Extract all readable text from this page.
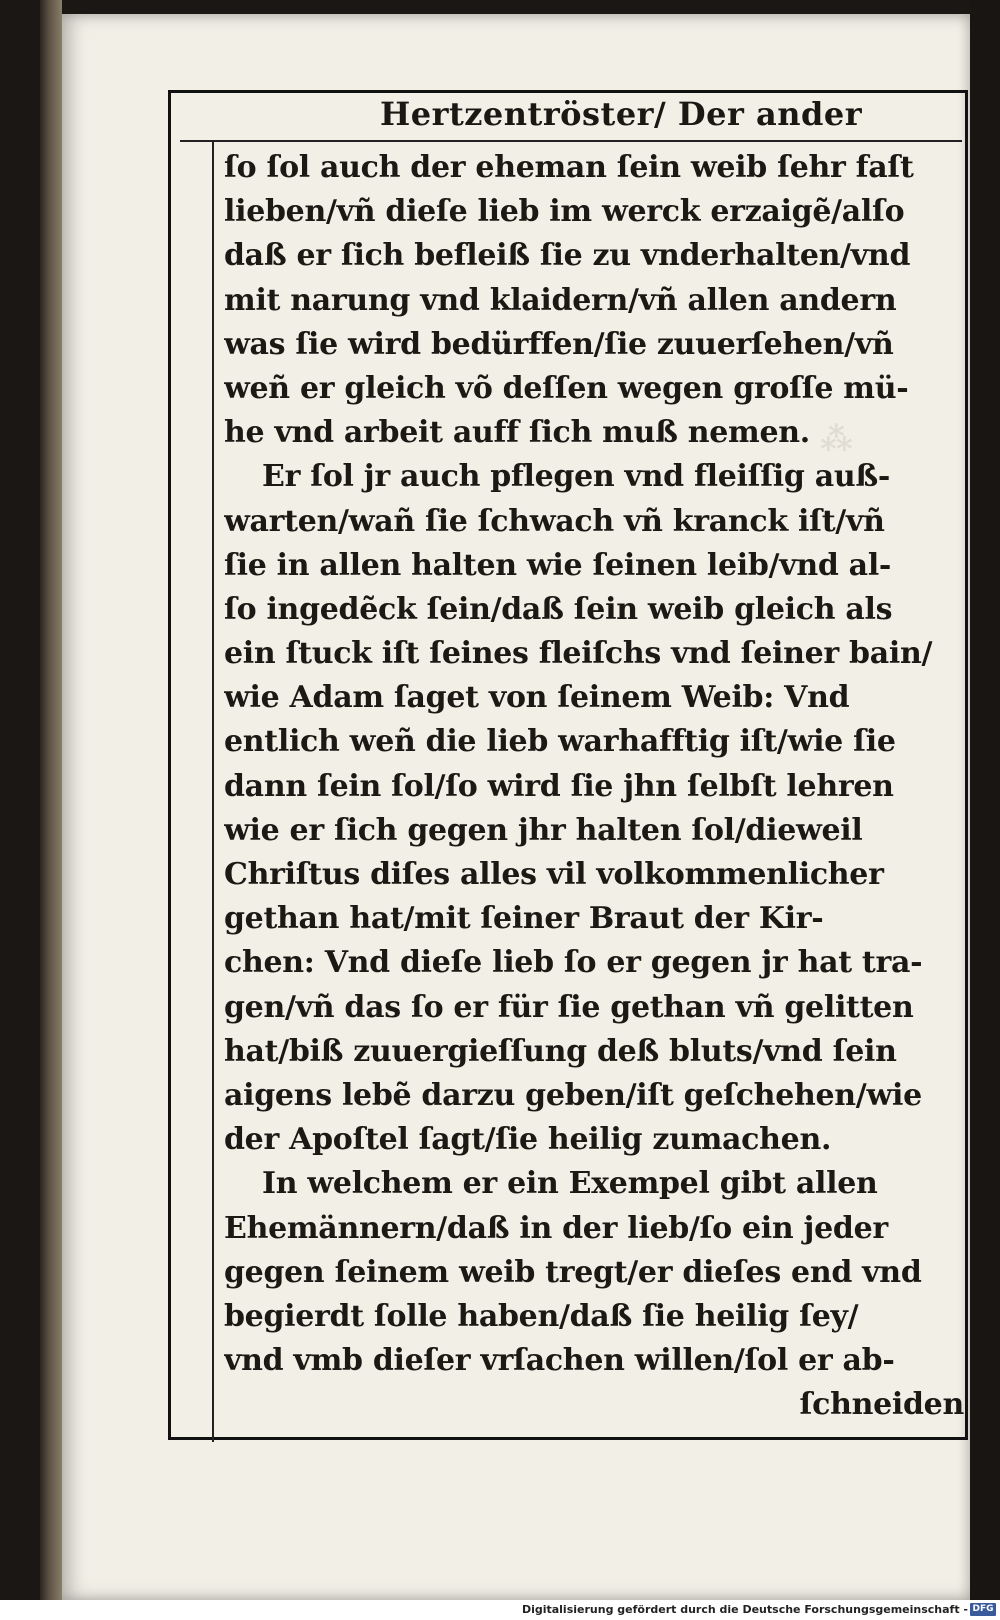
⁂
Hertzentröster/ Der ander
ſo ſol auch der eheman ſein weib ſehr faſt
lieben/vñ dieſe lieb im werck erzaigẽ/alſo
daß er ſich befleiß ſie zu vnderhalten/vnd
mit narung vnd klaidern/vñ allen andern
was ſie wird bedürffen/ſie zuuerſehen/vñ
weñ er gleich võ deſſen wegen groſſe mü-
he vnd arbeit auff ſich muß nemen.
Er ſol jr auch pflegen vnd fleiſſig auß-
warten/wañ ſie ſchwach vñ kranck iſt/vñ
ſie in allen halten wie ſeinen leib/vnd al-
ſo ingedẽck ſein/daß ſein weib gleich als
ein ſtuck iſt ſeines fleiſchs vnd ſeiner bain/
wie Adam ſaget von ſeinem Weib: Vnd
entlich weñ die lieb warhafftig iſt/wie ſie
dann ſein ſol/ſo wird ſie jhn ſelbſt lehren
wie er ſich gegen jhr halten ſol/dieweil
Chriſtus diſes alles vil volkommenlicher
gethan hat/mit ſeiner Braut der Kir-
chen: Vnd dieſe lieb ſo er gegen jr hat tra-
gen/vñ das ſo er für ſie gethan vñ gelitten
hat/biß zuuergieſſung deß bluts/vnd ſein
aigens lebẽ darzu geben/iſt geſchehen/wie
der Apoſtel ſagt/ſie heilig zumachen.
In welchem er ein Exempel gibt allen
Ehemännern/daß in der lieb/ſo ein jeder
gegen ſeinem weib tregt/er dieſes end vnd
begierdt ſolle haben/daß ſie heilig ſey/
vnd vmb dieſer vrſachen willen/ſol er ab-
ſchneiden
Digitalisierung gefördert durch die Deutsche Forschungsgemeinschaft - DFG
